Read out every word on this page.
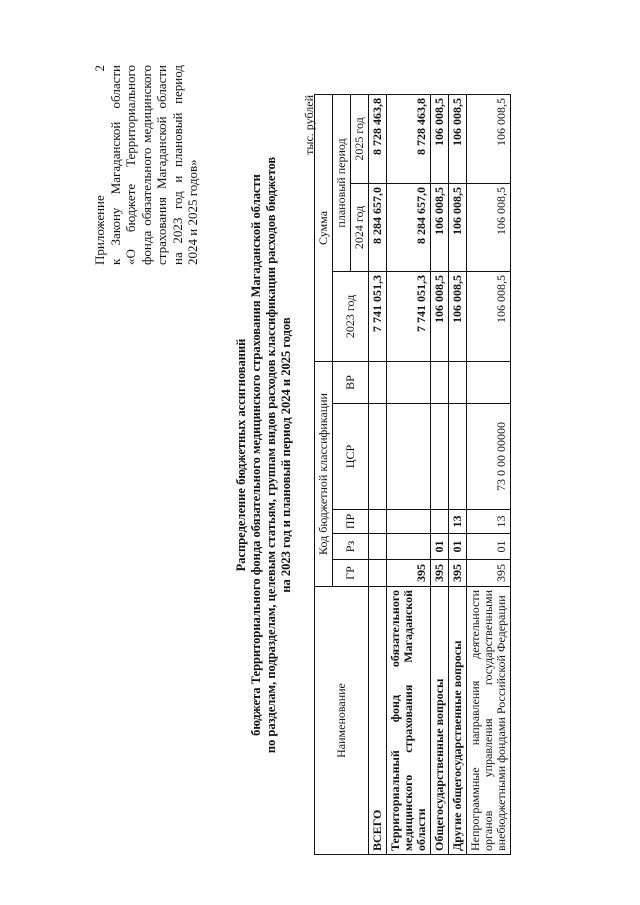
Приложение 2 к Закону Магаданской области «О бюджете Территориального фонда обязательного медицинского страхования Магаданской области на 2023 год и плановый период 2024 и 2025 годов»
Распределение бюджетных ассигнований бюджета Территориального фонда обязательного медицинского страхования Магаданской области по разделам, подразделам, целевым статьям, группам видов расходов классификации расходов бюджетов на 2023 год и плановый период 2024 и 2025 годов
тыс. рублей
Наименование	Код бюджетной классификации					Сумма		
	ГР	Рз	ПР	ЦСР	ВР	2023 год	плановый период	
							2024 год	2025 год
ВСЕГО						7 741 051,3	8 284 657,0	8 728 463,8
Территориальный фонд обязательного медицинского страхования Магаданской области	395					7 741 051,3	8 284 657,0	8 728 463,8
Общегосударственные вопросы	395	01				106 008,5	106 008,5	106 008,5
Другие общегосударственные вопросы	395	01	13			106 008,5	106 008,5	106 008,5
Непрограммные направления деятельности органов управления государственными внебюджетными фондами Российской Федерации	395	01	13	73 0 00 00000		106 008,5	106 008,5	106 008,5
